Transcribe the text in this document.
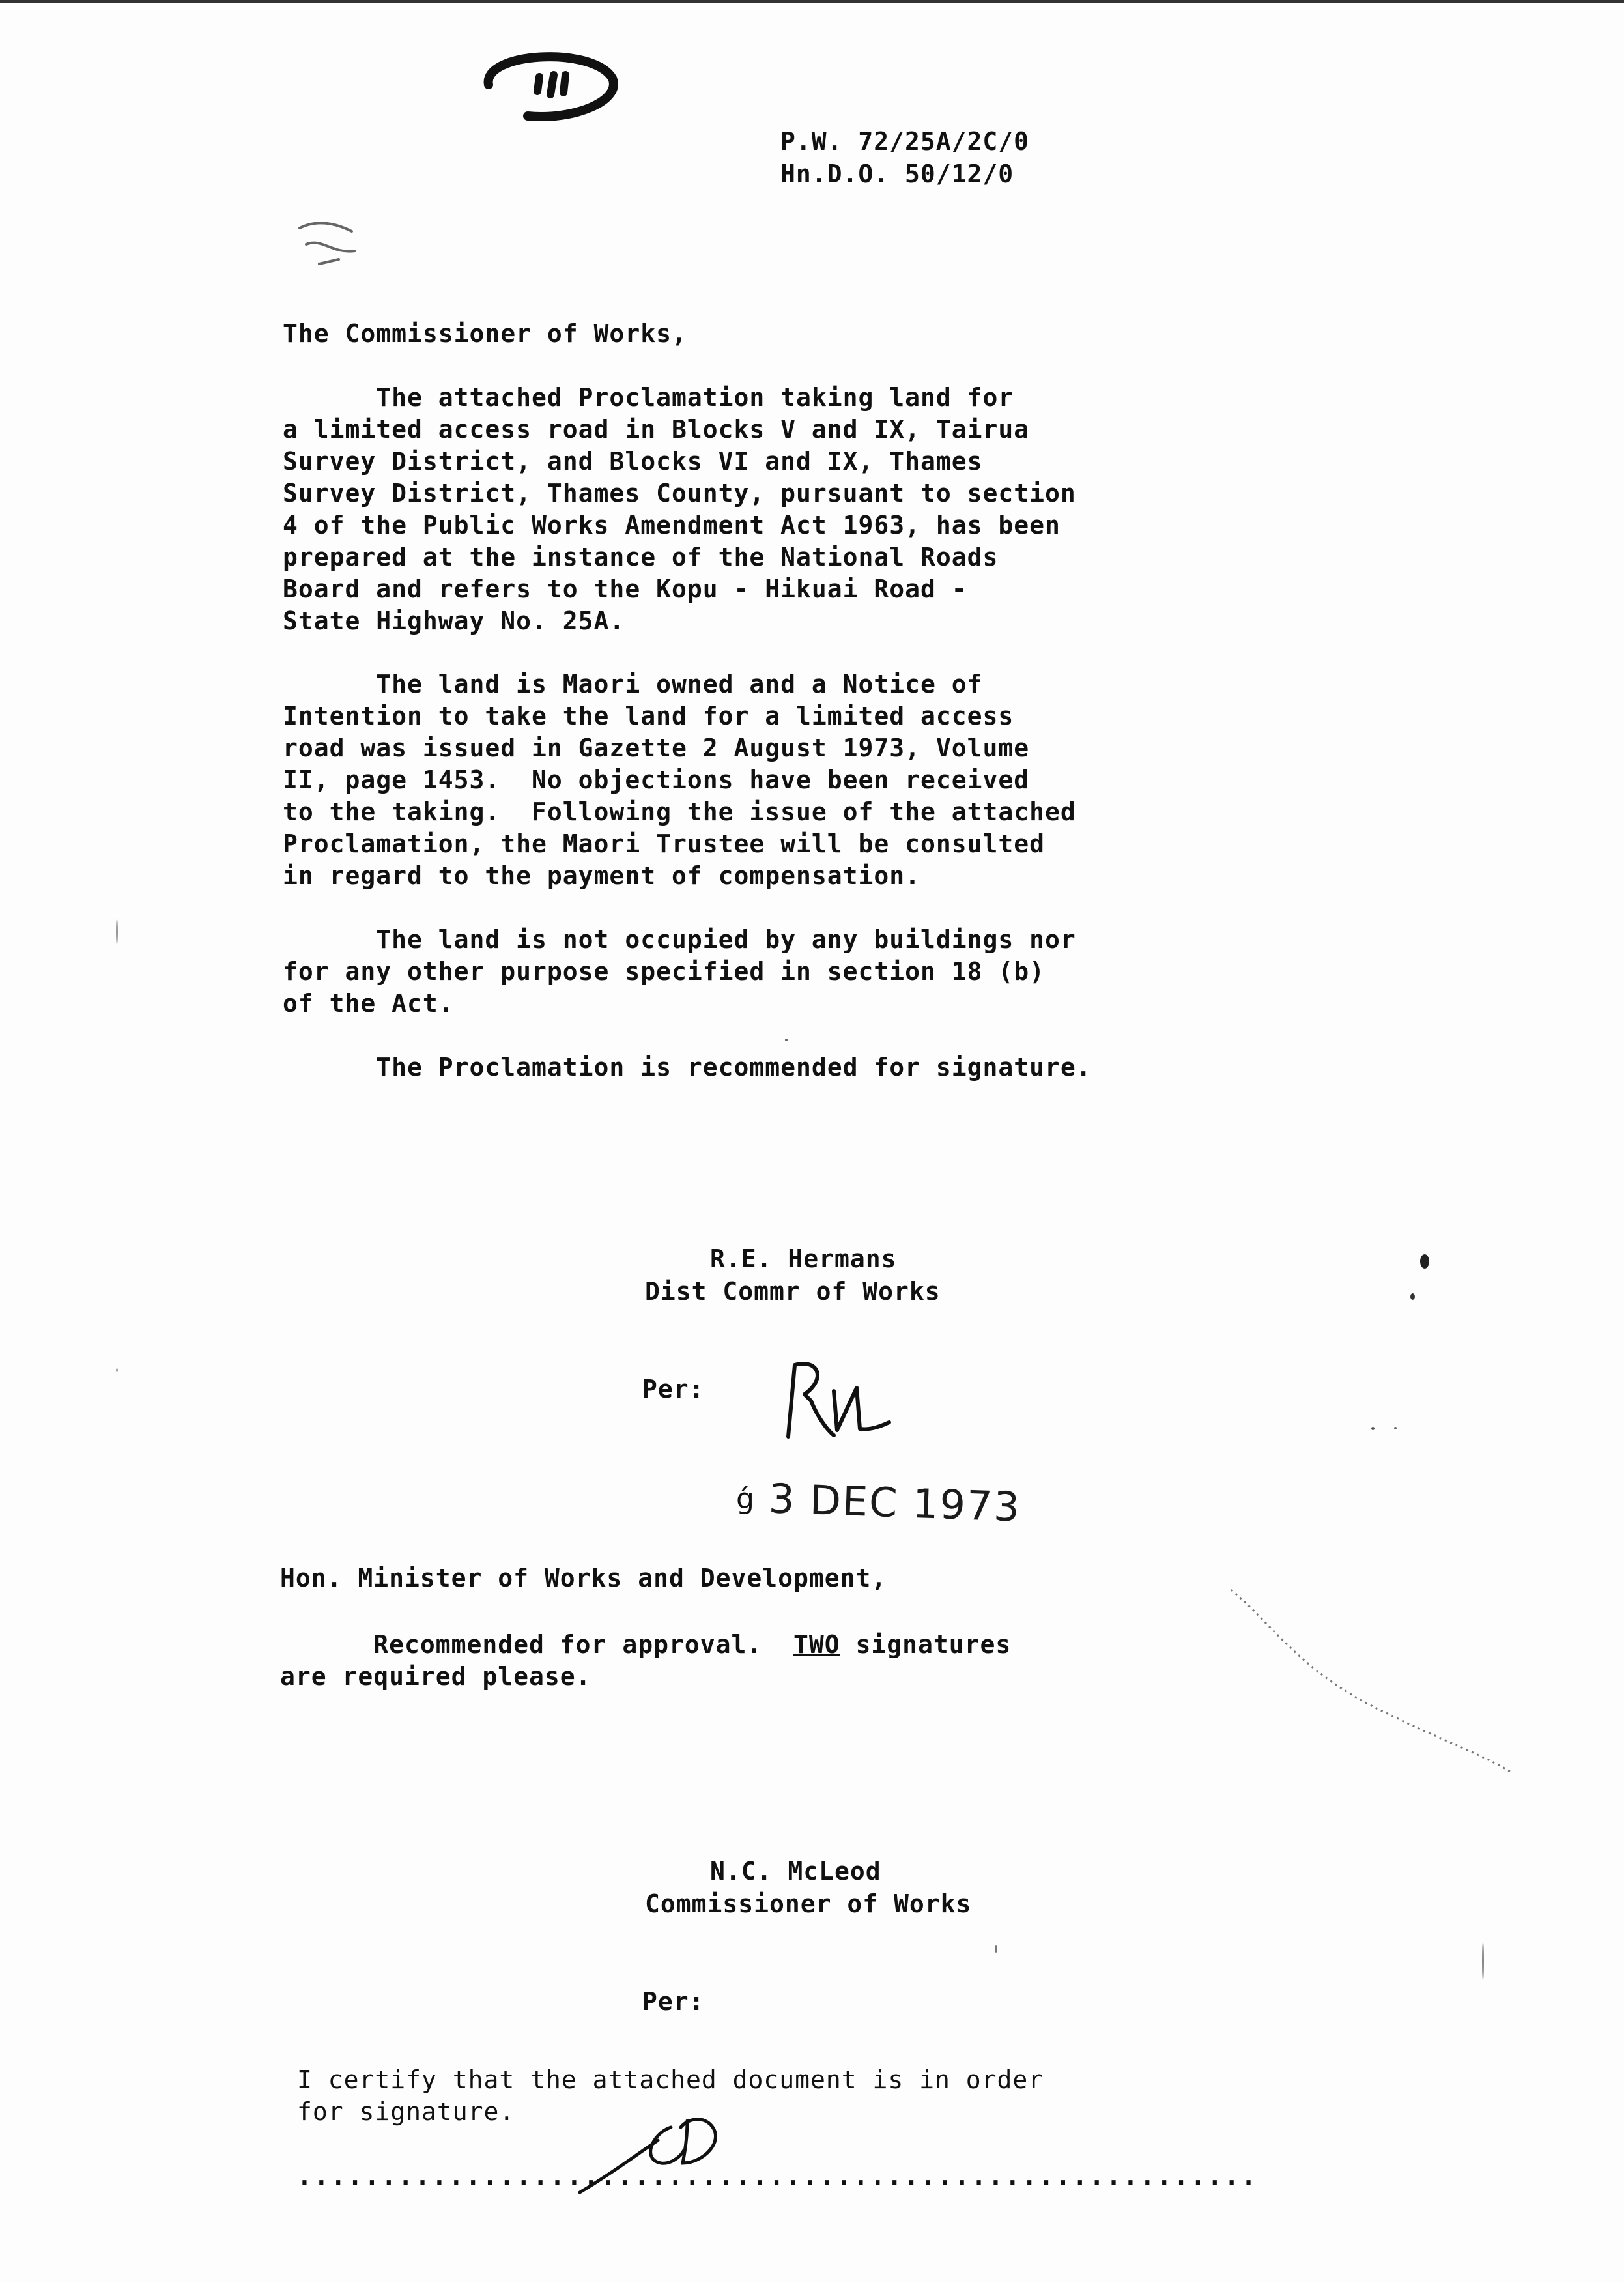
P.W. 72/25A/2C/0
Hn.D.O. 50/12/0
The Commissioner of Works,
The attached Proclamation taking land for
a limited access road in Blocks V and IX, Tairua
Survey District, and Blocks VI and IX, Thames
Survey District, Thames County, pursuant to section
4 of the Public Works Amendment Act 1963, has been
prepared at the instance of the National Roads
Board and refers to the Kopu - Hikuai Road -
State Highway No. 25A.
The land is Maori owned and a Notice of
Intention to take the land for a limited access
road was issued in Gazette 2 August 1973, Volume
II, page 1453.  No objections have been received
to the taking.  Following the issue of the attached
Proclamation, the Maori Trustee will be consulted
in regard to the payment of compensation.
The land is not occupied by any buildings nor
for any other purpose specified in section 18 (b)
of the Act.
The Proclamation is recommended for signature.
R.E. Hermans
Dist Commr of Works
Per:
ǵ 3 DEC 1973
Hon. Minister of Works and Development,
Recommended for approval.  TWO signatures
are required please.
N.C. McLeod
Commissioner of Works
Per:
I certify that the attached document is in order
for signature.
.........................................................
